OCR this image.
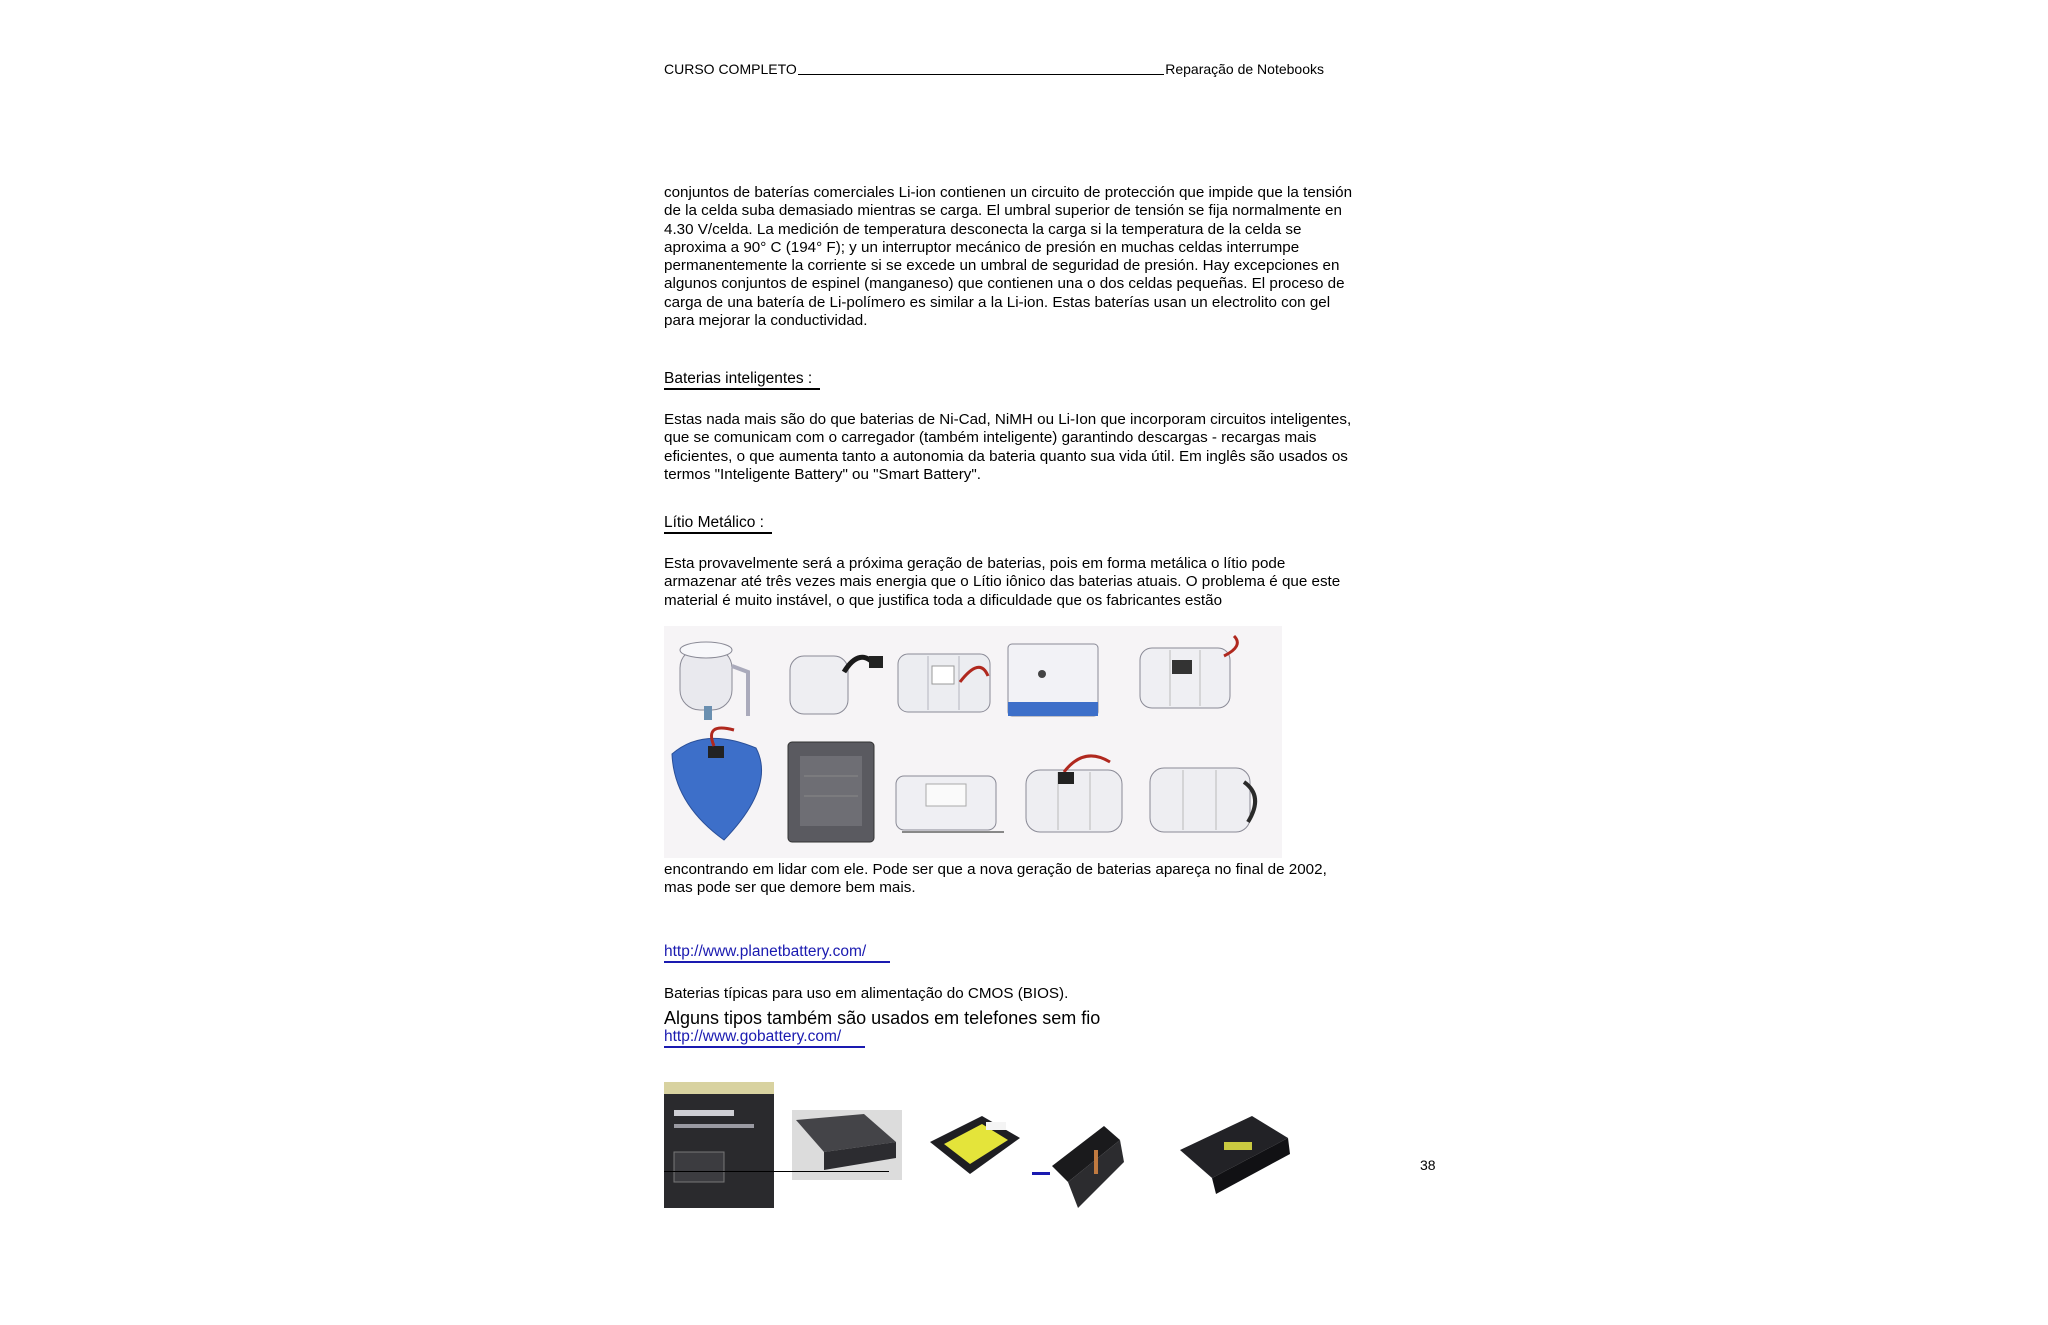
CURSO COMPLETO	Reparação de Notebooks

conjuntos de baterías comerciales Li-ion contienen un circuito de protección que impide que la tensión de la celda suba demasiado mientras se carga. El umbral superior de tensión se fija normalmente en 4.30 V/celda. La medición de temperatura desconecta la carga si la temperatura de la celda se aproxima a 90° C (194° F); y un interruptor mecánico de presión en muchas celdas interrumpe permanentemente la corriente si se excede un umbral de seguridad de presión. Hay excepciones en algunos conjuntos de espinel (manganeso) que contienen una o dos celdas pequeñas. El proceso de carga de una batería de Li-polímero es similar a la Li-ion. Estas baterías usan un electrolito con gel para mejorar la conductividad.

Baterias inteligentes :

Estas nada mais são do que baterias de Ni-Cad, NiMH ou Li-Ion que incorporam circuitos inteligentes, que se comunicam com o carregador (também inteligente) garantindo descargas - recargas mais eficientes, o que aumenta tanto a autonomia da bateria quanto sua vida útil. Em inglês são usados os termos "Inteligente Battery" ou "Smart Battery".

Lítio Metálico :

Esta provavelmente será a próxima geração de baterias, pois em forma metálica o lítio pode armazenar até três vezes mais energia que o Lítio iônico das baterias atuais. O problema é que este material é muito instável, o que justifica toda a dificuldade que os fabricantes estão

encontrando em lidar com ele. Pode ser que a nova geração de baterias apareça no final de 2002, mas pode ser que demore bem mais.

http://www.planetbattery.com/
Baterias típicas para uso em alimentação do CMOS (BIOS).
Alguns tipos também são usados em telefones sem fio
http://www.gobattery.com/
38
